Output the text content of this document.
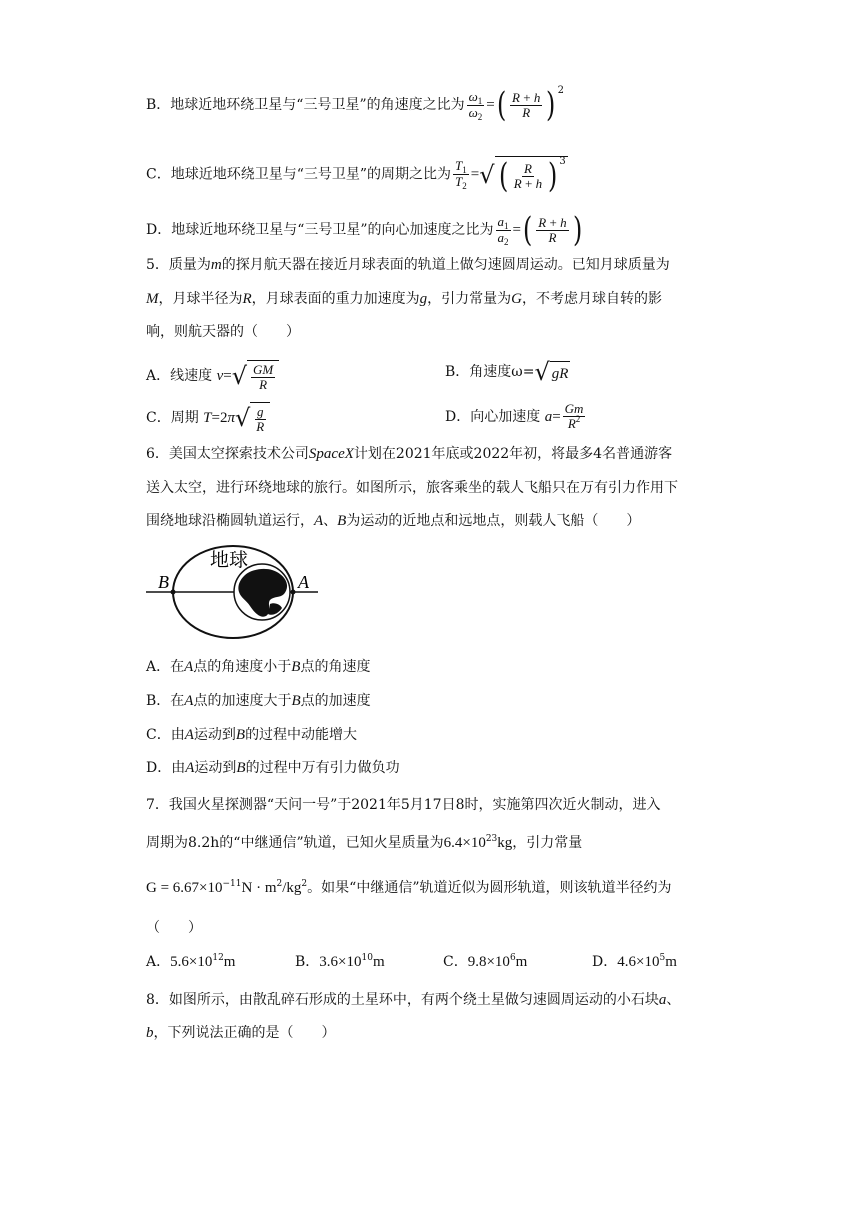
B．地球近地环绕卫星与“三号卫星”的角速度之比为 $\frac{\omega_1}{\omega_2}$ = ( $\frac{R + h}{R}$ ) 2
C．地球近地环绕卫星与“三号卫星”的周期之比为 $\frac{T_1}{T_2}$ = √ ( $\frac{R}{R + h}$ ) 3
D．地球近地环绕卫星与“三号卫星”的向心加速度之比为 $\frac{a_1}{a_2}$ = ( $\frac{R + h}{R}$ )
5．质量为m的探月航天器在接近月球表面的轨道上做匀速圆周运动。已知月球质量为
M，月球半径为R，月球表面的重力加速度为g，引力常量为G，不考虑月球自转的影
响，则航天器的（　　）
A．线速度 v= √ $\frac{GM}{R}$	B．角速度ω= √ gR
C．周期 T=2π √ $\frac{g}{R}$	D．向心加速度 $a= \frac{Gm}{R^2}$
6．美国太空探索技术公司SpaceX计划在2021年底或2022年初，将最多4名普通游客
送入太空，进行环绕地球的旅行。如图所示，旅客乘坐的载人飞船只在万有引力作用下
围绕地球沿椭圆轨道运行，A、B为运动的近地点和远地点，则载人飞船（　　）
B	A
地球
A．在A点的角速度小于B点的角速度
B．在A点的加速度大于B点的加速度
C．由A运动到B的过程中动能增大
D．由A运动到B的过程中万有引力做负功
7．我国火星探测器“天问一号”于2021年5月17日8时，实施第四次近火制动，进入
周期为8.2h的“中继通信”轨道，已知火星质量为$6.4\times 10^{23}kg$，引力常量
$G = 6.67\times 10^{-11}N \cdot m^2/kg^2$。如果“中继通信”轨道近似为圆形轨道，则该轨道半径约为
（　　）
A．$5.6\times 10^{12}m$	B．$3.6\times 10^{10}m$	C．$9.8\times 10^6m$	D．$4.6\times 10^5m$
8．如图所示，由散乱碎石形成的土星环中，有两个绕土星做匀速圆周运动的小石块a、
b，下列说法正确的是（　　）
